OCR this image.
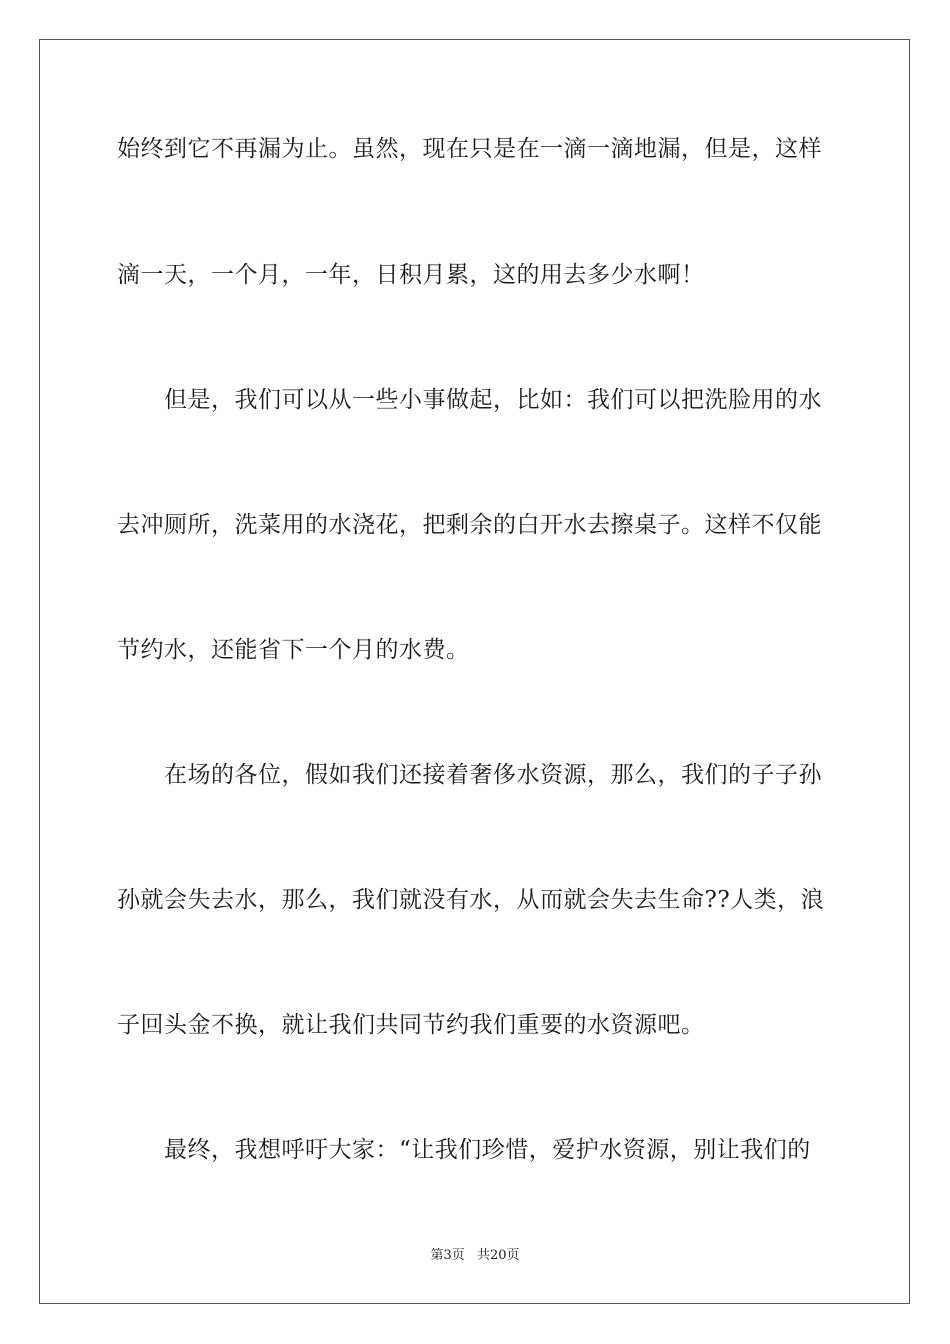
始终到它不再漏为止。虽然，现在只是在一滴一滴地漏，但是，这样
滴一天，一个月，一年，日积月累，这的用去多少水啊！
但是，我们可以从一些小事做起，比如：我们可以把洗脸用的水
去冲厕所，洗菜用的水浇花，把剩余的白开水去擦桌子。这样不仅能
节约水，还能省下一个月的水费。
在场的各位，假如我们还接着奢侈水资源，那么，我们的子子孙
孙就会失去水，那么，我们就没有水，从而就会失去生命??人类，浪
子回头金不换，就让我们共同节约我们重要的水资源吧。
最终，我想呼吁大家：“让我们珍惜，爱护水资源，别让我们的
第3页 共20页
